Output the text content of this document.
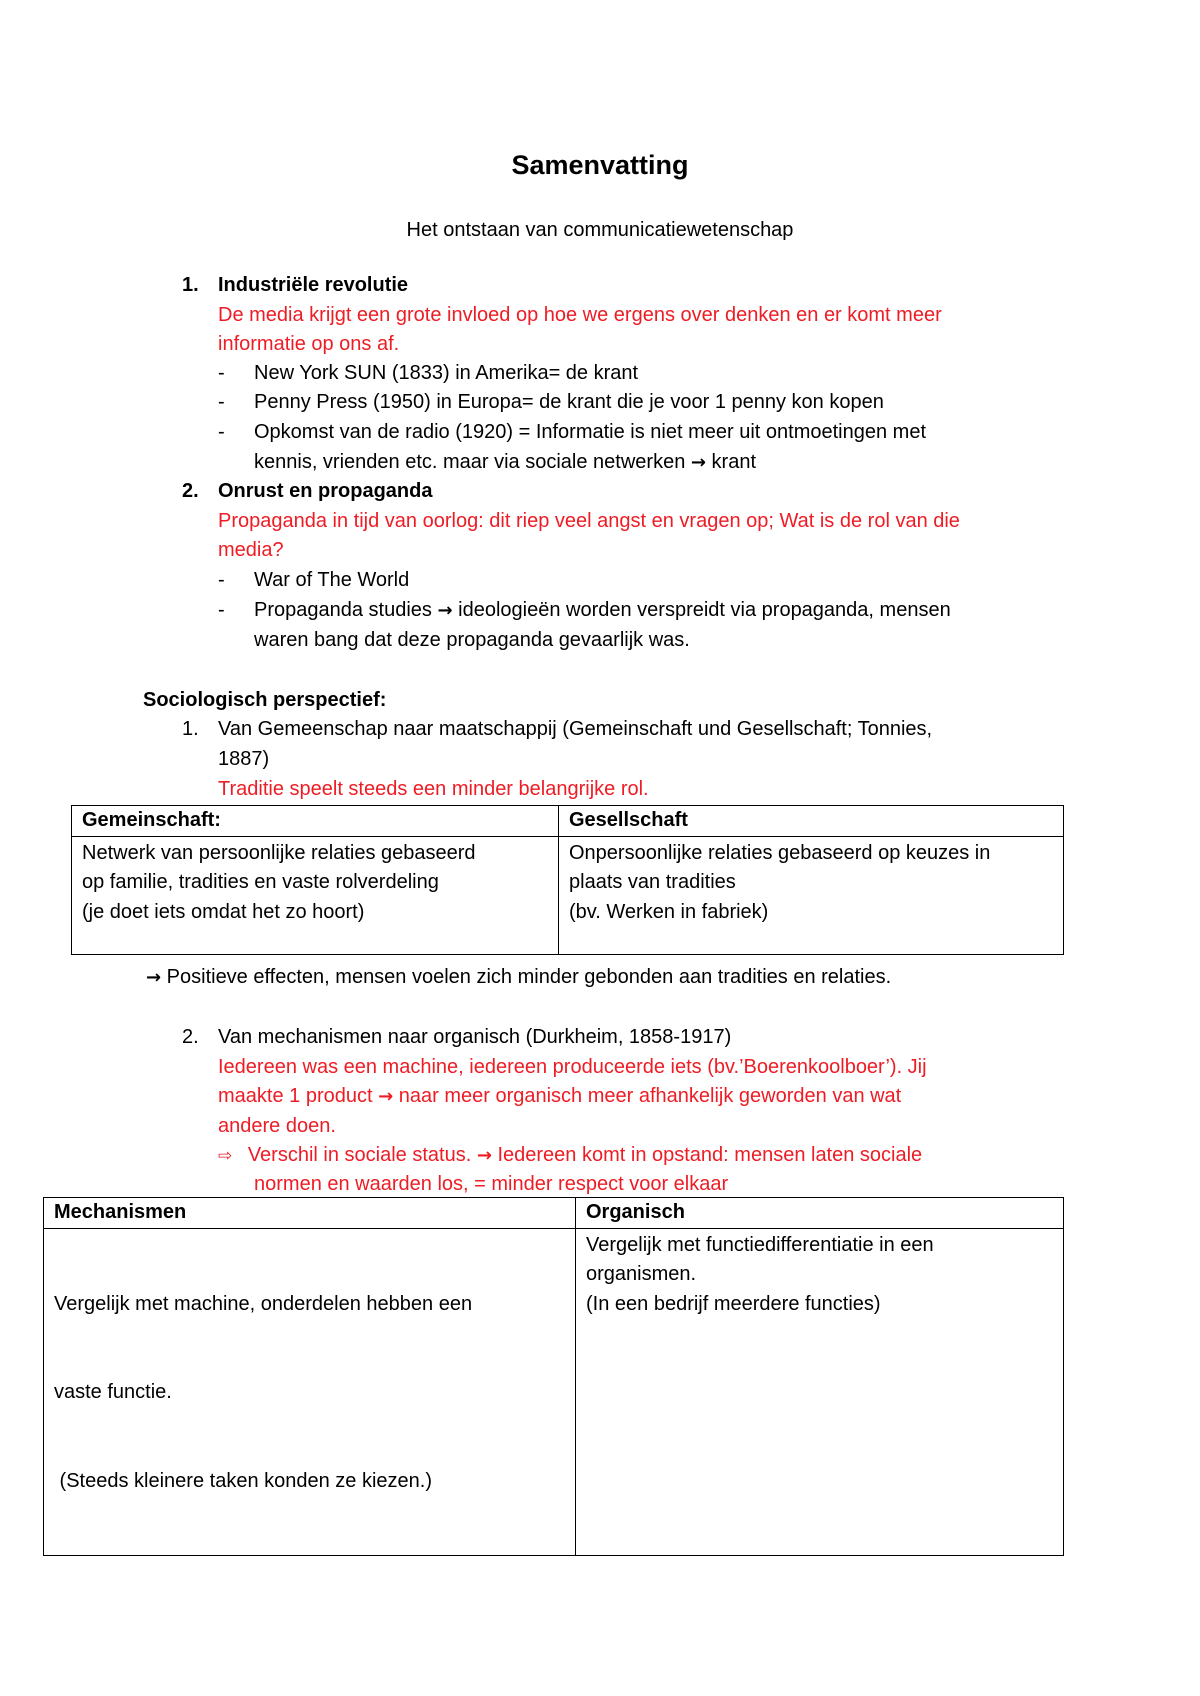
Samenvatting
Het ontstaan van communicatiewetenschap
1. Industriële revolutie
De media krijgt een grote invloed op hoe we ergens over denken en er komt meer
informatie op ons af.
- New York SUN (1833) in Amerika= de krant
- Penny Press (1950) in Europa= de krant die je voor 1 penny kon kopen
- Opkomst van de radio (1920) = Informatie is niet meer uit ontmoetingen met
kennis, vrienden etc. maar via sociale netwerken → krant
2. Onrust en propaganda
Propaganda in tijd van oorlog: dit riep veel angst en vragen op; Wat is de rol van die
media?
- War of The World
- Propaganda studies → ideologieën worden verspreidt via propaganda, mensen
waren bang dat deze propaganda gevaarlijk was.
Sociologisch perspectief:
1. Van Gemeenschap naar maatschappij (Gemeinschaft und Gesellschaft; Tonnies,
1887)
Traditie speelt steeds een minder belangrijke rol.
Gemeinschaft:	Gesellschaft

Netwerk van persoonlijke relaties gebaseerd
op familie, tradities en vaste rolverdeling
(je doet iets omdat het zo hoort)	Onpersoonlijke relaties gebaseerd op keuzes in
plaats van tradities
(bv. Werken in fabriek)
→ Positieve effecten, mensen voelen zich minder gebonden aan tradities en relaties.
2. Van mechanismen naar organisch (Durkheim, 1858-1917)
Iedereen was een machine, iedereen produceerde iets (bv.’Boerenkoolboer’). Jij
maakte 1 product → naar meer organisch meer afhankelijk geworden van wat
andere doen.
⇨ Verschil in sociale status. → Iedereen komt in opstand: mensen laten sociale
normen en waarden los, = minder respect voor elkaar
Mechanismen	Organisch

Vergelijk met machine, onderdelen hebben een

vaste functie.

(Steeds kleinere taken konden ze kiezen.)	Vergelijk met functiedifferentiatie in een
organismen.
(In een bedrijf meerdere functies)
